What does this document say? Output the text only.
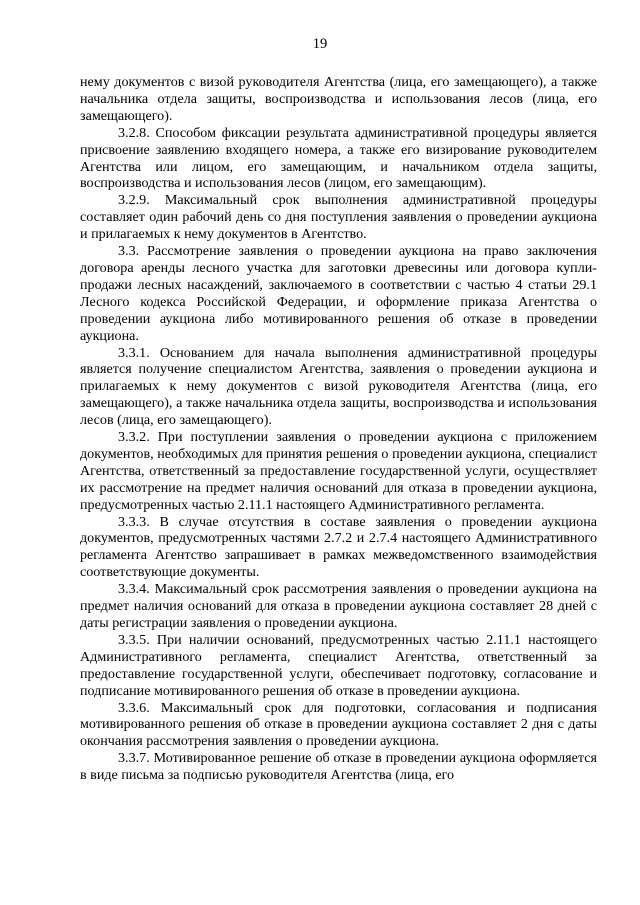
19

нему документов с визой руководителя Агентства (лица, его замещающего), а также начальника отдела защиты, воспроизводства и использования лесов (лица, его замещающего).

3.2.8. Способом фиксации результата административной процедуры является присвоение заявлению входящего номера, а также его визирование руководителем Агентства или лицом, его замещающим, и начальником отдела защиты, воспроизводства и использования лесов (лицом, его замещающим).

3.2.9. Максимальный срок выполнения административной процедуры составляет один рабочий день со дня поступления заявления о проведении аукциона и прилагаемых к нему документов в Агентство.

3.3. Рассмотрение заявления о проведении аукциона на право заключения договора аренды лесного участка для заготовки древесины или договора купли-продажи лесных насаждений, заключаемого в соответствии с частью 4 статьи 29.1 Лесного кодекса Российской Федерации, и оформление приказа Агентства о проведении аукциона либо мотивированного решения об отказе в проведении аукциона.

3.3.1. Основанием для начала выполнения административной процедуры является получение специалистом Агентства, заявления о проведении аукциона и прилагаемых к нему документов с визой руководителя Агентства (лица, его замещающего), а также начальника отдела защиты, воспроизводства и использования лесов (лица, его замещающего).

3.3.2. При поступлении заявления о проведении аукциона с приложением документов, необходимых для принятия решения о проведении аукциона, специалист Агентства, ответственный за предоставление государственной услуги, осуществляет их рассмотрение на предмет наличия оснований для отказа в проведении аукциона, предусмотренных частью 2.11.1 настоящего Административного регламента.

3.3.3. В случае отсутствия в составе заявления о проведении аукциона документов, предусмотренных частями 2.7.2 и 2.7.4 настоящего Административного регламента Агентство запрашивает в рамках межведомственного взаимодействия соответствующие документы.

3.3.4. Максимальный срок рассмотрения заявления о проведении аукциона на предмет наличия оснований для отказа в проведении аукциона составляет 28 дней с даты регистрации заявления о проведении аукциона.

3.3.5. При наличии оснований, предусмотренных частью 2.11.1 настоящего Административного регламента, специалист Агентства, ответственный за предоставление государственной услуги, обеспечивает подготовку, согласование и подписание мотивированного решения об отказе в проведении аукциона.

3.3.6. Максимальный срок для подготовки, согласования и подписания мотивированного решения об отказе в проведении аукциона составляет 2 дня с даты окончания рассмотрения заявления о проведении аукциона.

3.3.7. Мотивированное решение об отказе в проведении аукциона оформляется в виде письма за подписью руководителя Агентства (лица, его
